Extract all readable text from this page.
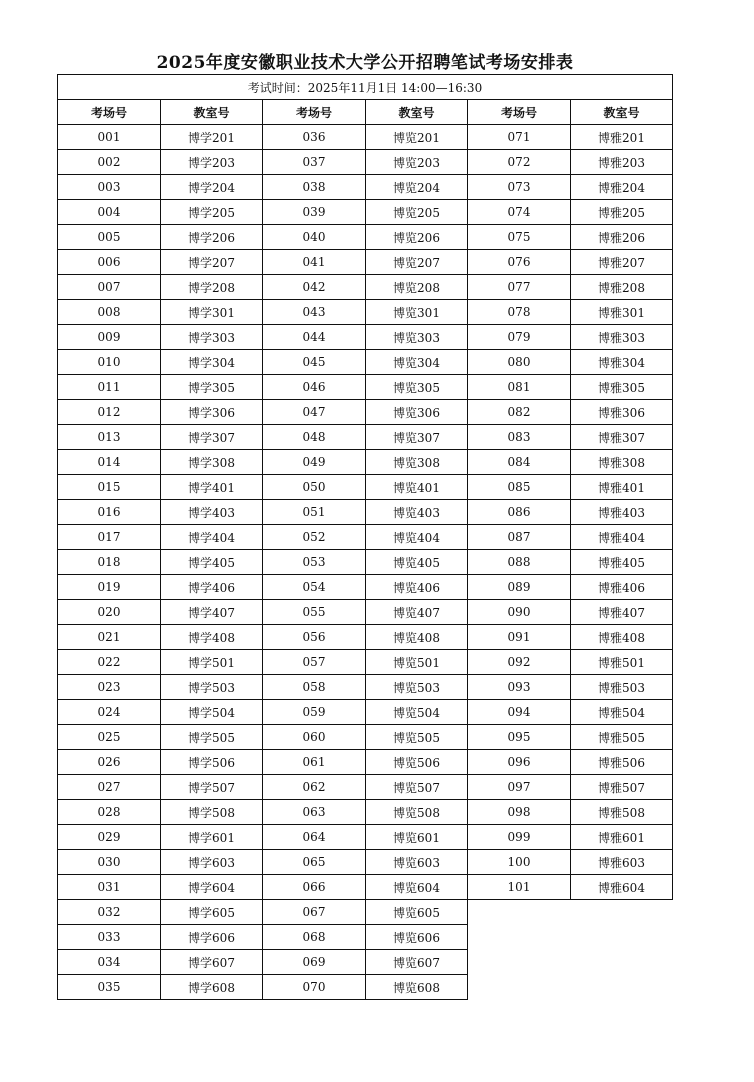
2025年度安徽职业技术大学公开招聘笔试考场安排表
考试时间：2025年11月1日 14:00—16:30					
考场号	教室号	考场号	教室号	考场号	教室号
001	博学201	036	博览201	071	博雅201
002	博学203	037	博览203	072	博雅203
003	博学204	038	博览204	073	博雅204
004	博学205	039	博览205	074	博雅205
005	博学206	040	博览206	075	博雅206
006	博学207	041	博览207	076	博雅207
007	博学208	042	博览208	077	博雅208
008	博学301	043	博览301	078	博雅301
009	博学303	044	博览303	079	博雅303
010	博学304	045	博览304	080	博雅304
011	博学305	046	博览305	081	博雅305
012	博学306	047	博览306	082	博雅306
013	博学307	048	博览307	083	博雅307
014	博学308	049	博览308	084	博雅308
015	博学401	050	博览401	085	博雅401
016	博学403	051	博览403	086	博雅403
017	博学404	052	博览404	087	博雅404
018	博学405	053	博览405	088	博雅405
019	博学406	054	博览406	089	博雅406
020	博学407	055	博览407	090	博雅407
021	博学408	056	博览408	091	博雅408
022	博学501	057	博览501	092	博雅501
023	博学503	058	博览503	093	博雅503
024	博学504	059	博览504	094	博雅504
025	博学505	060	博览505	095	博雅505
026	博学506	061	博览506	096	博雅506
027	博学507	062	博览507	097	博雅507
028	博学508	063	博览508	098	博雅508
029	博学601	064	博览601	099	博雅601
030	博学603	065	博览603	100	博雅603
031	博学604	066	博览604	101	博雅604
032	博学605	067	博览605		
033	博学606	068	博览606		
034	博学607	069	博览607		
035	博学608	070	博览608		
